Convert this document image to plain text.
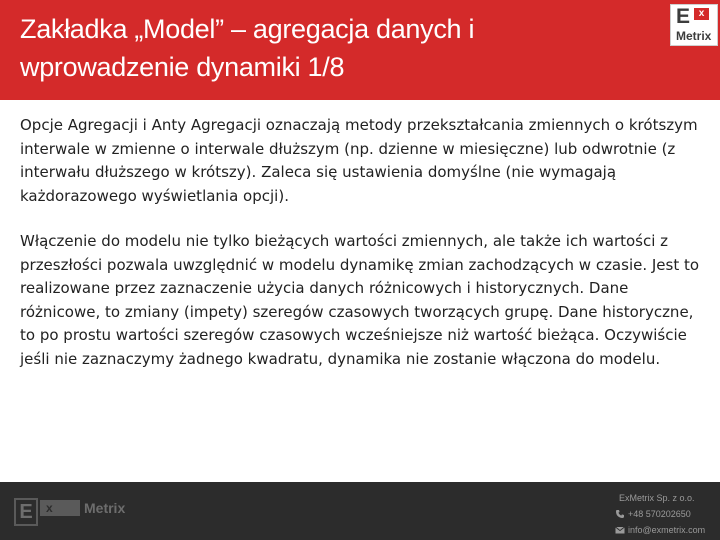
Zakładka „Model” – agregacja danych i wprowadzenie dynamiki 1/8
E x
Metrix

Opcje Agregacji i Anty Agregacji oznaczają metody przekształcania zmiennych o krótszym interwale w zmienne o interwale dłuższym (np. dzienne w miesięczne) lub odwrotnie (z interwału dłuższego w krótszy). Zaleca się ustawienia domyślne (nie wymagają każdorazowego wyświetlania opcji).

Włączenie do modelu nie tylko bieżących wartości zmiennych, ale także ich wartości z przeszłości pozwala uwzględnić w modelu dynamikę zmian zachodzących w czasie. Jest to realizowane przez zaznaczenie użycia danych różnicowych i historycznych. Dane różnicowe, to zmiany (impety) szeregów czasowych tworzących grupę. Dane historyczne, to po prostu wartości szeregów czasowych wcześniejsze niż wartość bieżąca. Oczywiście jeśli nie zaznaczymy żadnego kwadratu, dynamika nie zostanie włączona do modelu.

E	x	Metrix
ExMetrix Sp. z o.o.
+48 570202650
info@exmetrix.com
